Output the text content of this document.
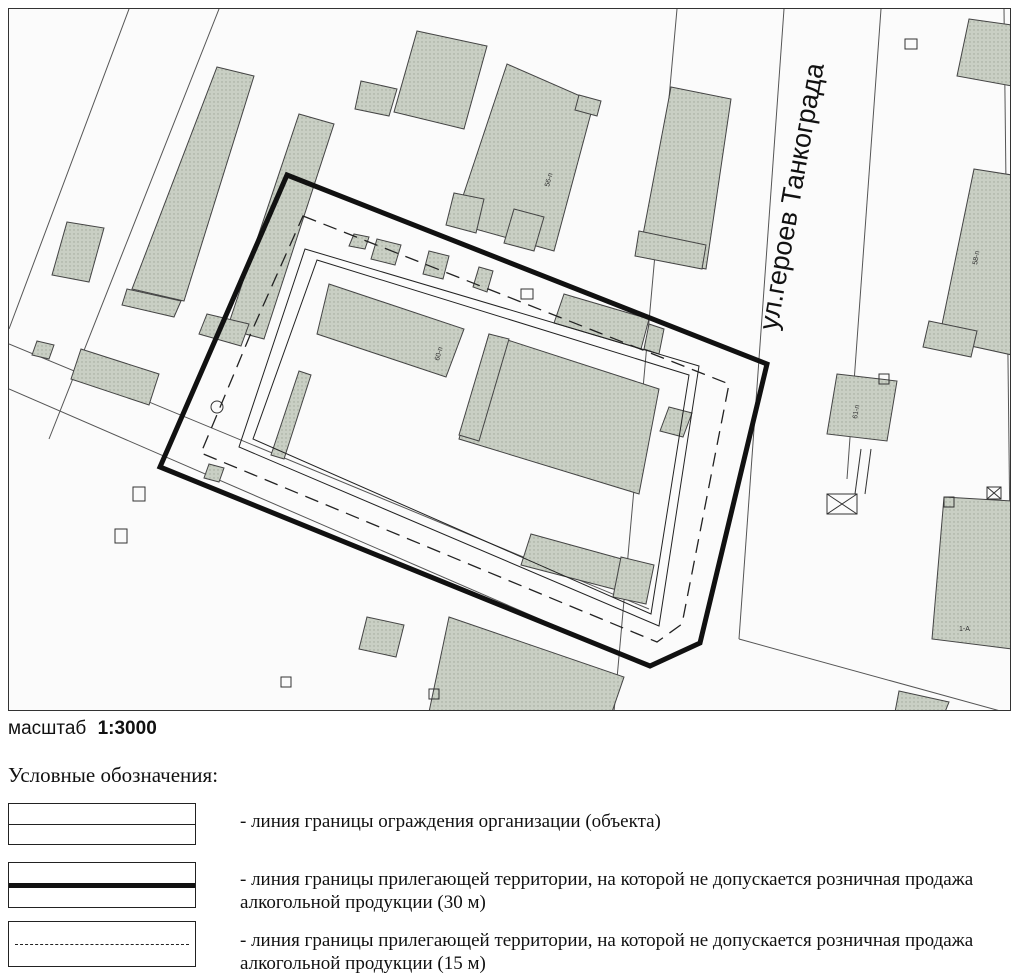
ул.героев Танкограда
56-п
60-п
58-п
61-п
1-А
масштаб 1:3000
Условные обозначения:
- линия границы ограждения организации (объекта)
- линия границы прилегающей территории, на которой не допускается розничная продажа алкогольной продукции (30 м)
- линия границы прилегающей территории, на которой не допускается розничная продажа алкогольной продукции (15 м)
